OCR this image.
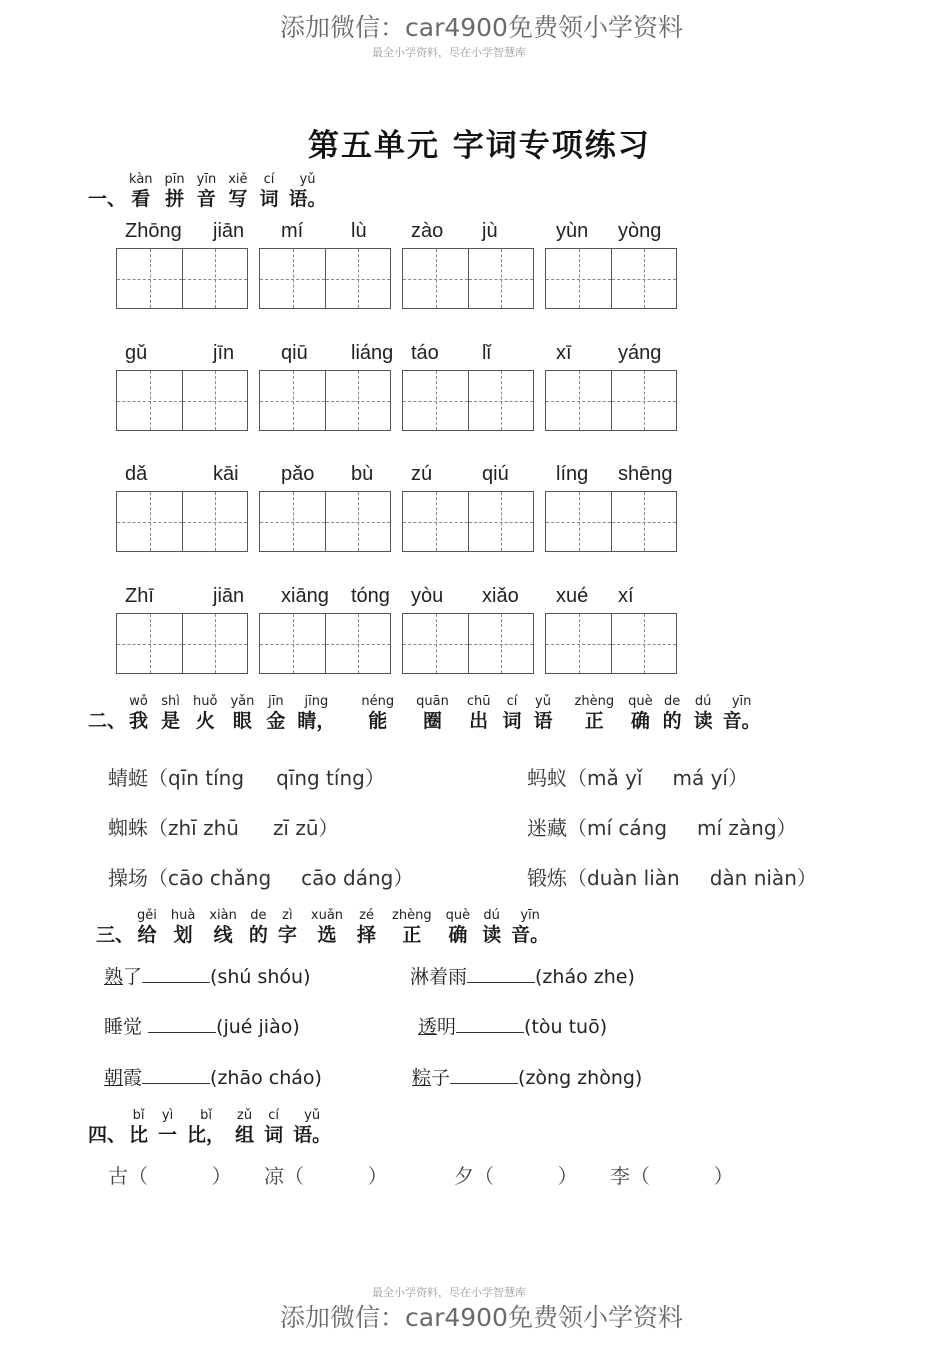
添加微信：car4900免费领小学资料
最全小学资料，尽在小学智慧库
第五单元 字词专项练习
一、
kàn
看
pīn
拼
yīn
音
xiě
写
cí
词
yǔ
语。
Zhōng jiān mí lù zào jù	yùn yòng
gǔ	jīn qiū liáng táo lǐ	xī yáng
dǎ	kāi pǎo bù zú qiú líng shēng
Zhī	jiān xiāng tóng yòu xiǎo xué xí
二、
wǒ
我
shì
是
huǒ
火
yǎn
眼
jīn
金
jīng
睛，
néng
能
quān
圈
chū
出
cí
词
yǔ
语
zhèng
正
què
确
de
的
dú
读
yīn
音。
蜻蜓（qīn tíng qīng tíng）	蚂蚁（mǎ yǐ má yí）
蜘蛛（zhī zhū zī zū）	迷藏（mí cáng mí zàng）
操场（cāo chǎng cāo dáng）	锻炼（duàn liàn dàn niàn）
三、
gěi
给
huà
划
xiàn
线
de
的
zì
字
xuǎn
选
zé
择
zhèng
正
què
确
dú
读
yīn
音。
熟了	(shú shóu)	淋着雨	(zháo zhe)
睡觉	(jué jiào)	透明	(tòu tuō)
朝霞	(zhāo cháo)	粽子	(zòng zhòng)
四、
bǐ
比
yì
一
bǐ
比，
zǔ
组
cí
词
yǔ
语。
古（          ） 凉（          ）	夕（          ） 李（          ）
最全小学资料，尽在小学智慧库
添加微信：car4900免费领小学资料
